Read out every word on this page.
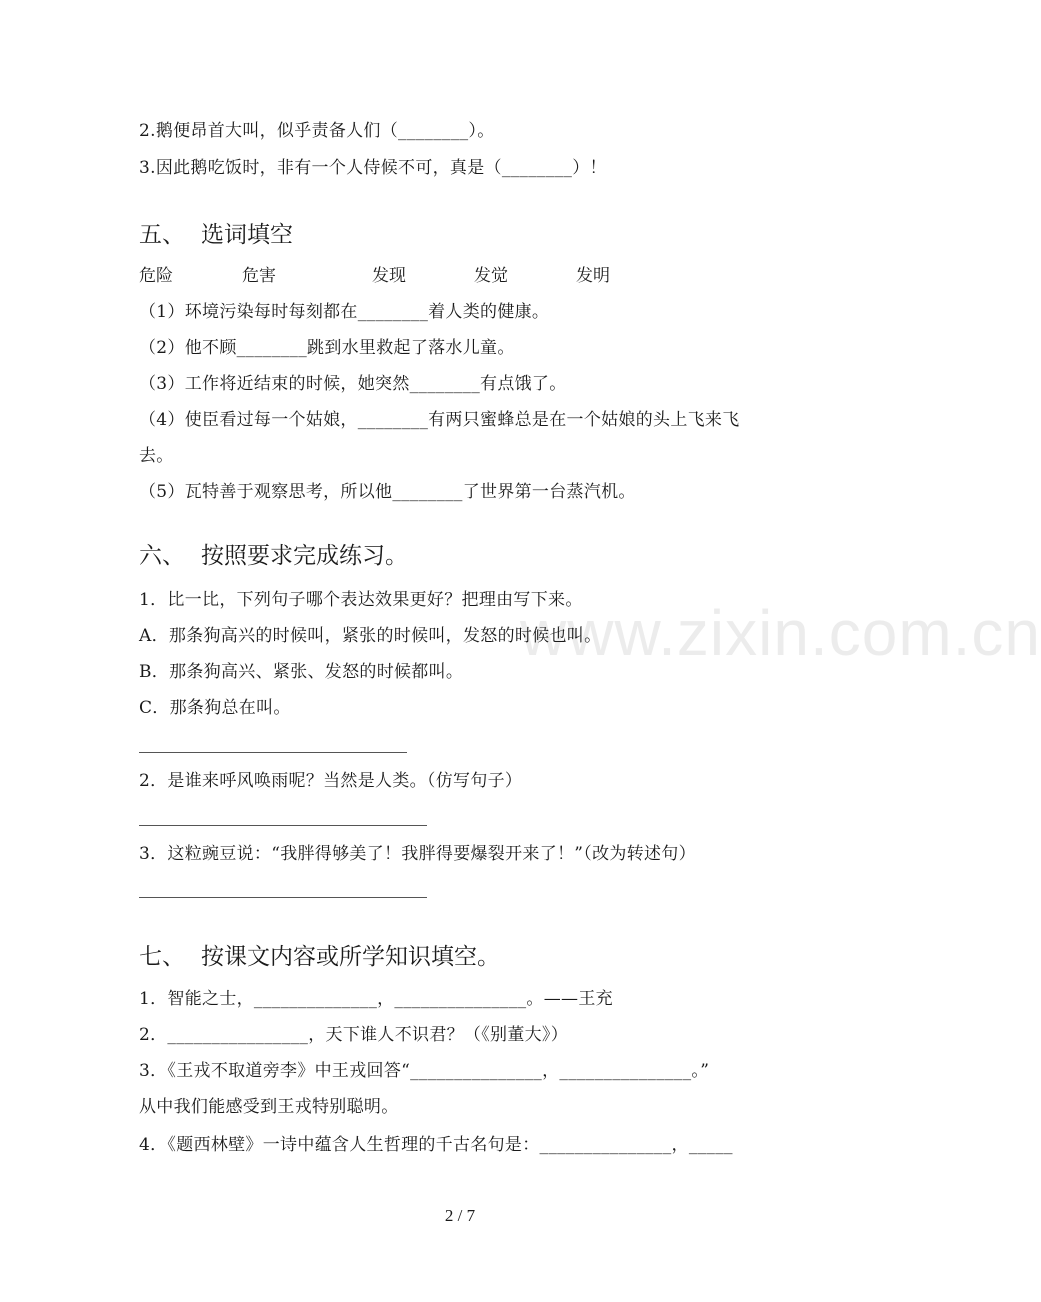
www.zixin.com.cn
2.鹅便昂首大叫，似乎责备人们（________）。
3.因此鹅吃饭时，非有一个人侍候不可，真是（________）！
五、 选词填空
危险	危害	发现	发觉	发明
（1）环境污染每时每刻都在________着人类的健康。
（2）他不顾________跳到水里救起了落水儿童。
（3）工作将近结束的时候，她突然________有点饿了。
（4）使臣看过每一个姑娘，________有两只蜜蜂总是在一个姑娘的头上飞来飞
去。
（5）瓦特善于观察思考，所以他________了世界第一台蒸汽机。
六、 按照要求完成练习。
1．比一比，下列句子哪个表达效果更好？把理由写下来。
A．那条狗高兴的时候叫，紧张的时候叫，发怒的时候也叫。
B．那条狗高兴、紧张、发怒的时候都叫。
C．那条狗总在叫。
2．是谁来呼风唤雨呢？当然是人类。（仿写句子）
3．这粒豌豆说：“我胖得够美了！我胖得要爆裂开来了！”（改为转述句）
七、 按课文内容或所学知识填空。
1．智能之士，______________，_______________。——王充
2．________________，天下谁人不识君？（《别董大》）
3．《王戎不取道旁李》中王戎回答“_______________，_______________。”
从中我们能感受到王戎特别聪明。
4．《题西林壁》一诗中蕴含人生哲理的千古名句是：_______________，_____
2 / 7
